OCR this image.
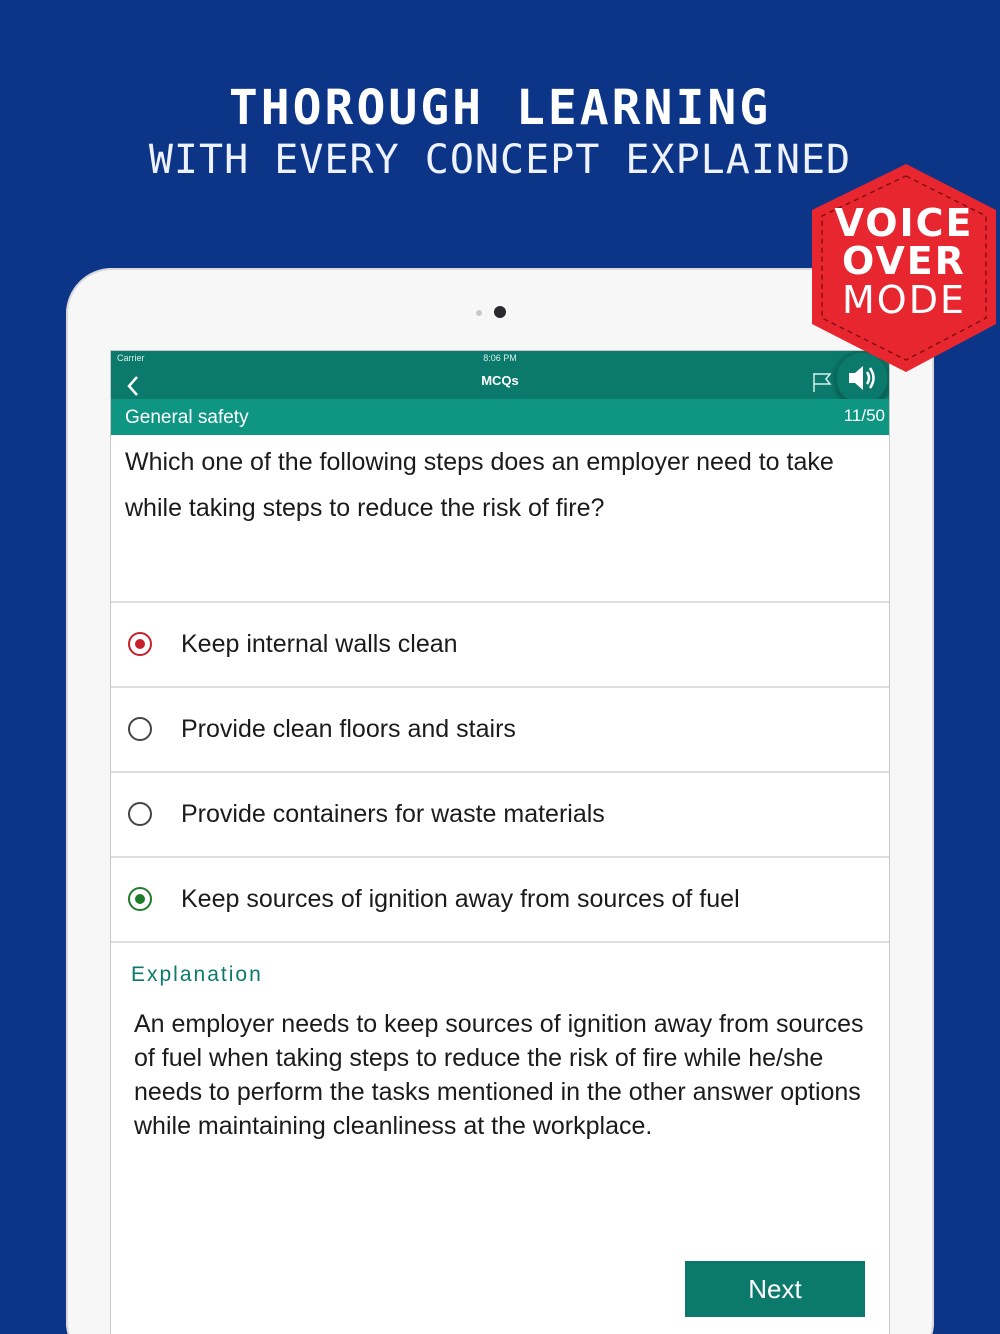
THOROUGH LEARNING
WITH EVERY CONCEPT EXPLAINED
Carrier	8:06 PM
MCQs
General safety	11/50
Which one of the following steps does an employer need to take while taking steps to reduce the risk of fire?
Keep internal walls clean
Provide clean floors and stairs
Provide containers for waste materials
Keep sources of ignition away from sources of fuel
Explanation
An employer needs to keep sources of ignition away from sources of fuel when taking steps to reduce the risk of fire while he/she needs to perform the tasks mentioned in the other answer options while maintaining cleanliness at the workplace.
Next
VOICE
OVER
MODE
